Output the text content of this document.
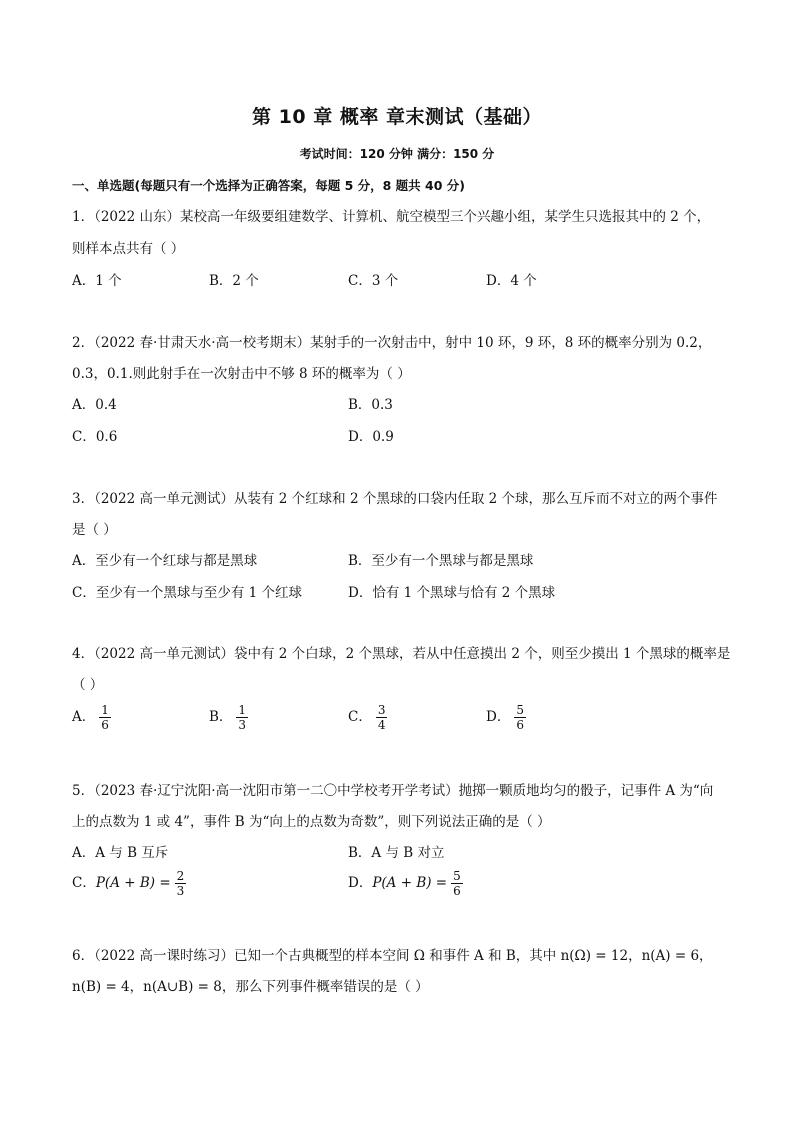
第 10 章 概率 章末测试（基础）
考试时间：120 分钟 满分：150 分
一、单选题(每题只有一个选择为正确答案，每题 5 分，8 题共 40 分)
1．（2022 山东）某校高一年级要组建数学、计算机、航空模型三个兴趣小组，某学生只选报其中的 2 个，
则样本点共有（ ）
A．1 个	B．2 个	C．3 个	D．4 个
2．（2022 春·甘肃天水·高一校考期末）某射手的一次射击中，射中 10 环，9 环，8 环的概率分别为 0.2，
0.3，0.1.则此射手在一次射击中不够 8 环的概率为（ ）
A．0.4	B．0.3
C．0.6	D．0.9
3．（2022 高一单元测试）从装有 2 个红球和 2 个黑球的口袋内任取 2 个球，那么互斥而不对立的两个事件
是（ ）
A．至少有一个红球与都是黑球	B．至少有一个黑球与都是黑球
C．至少有一个黑球与至少有 1 个红球	D．恰有 1 个黑球与恰有 2 个黑球
4．（2022 高一单元测试）袋中有 2 个白球，2 个黑球，若从中任意摸出 2 个，则至少摸出 1 个黑球的概率是
（ ）
A． $\frac{1}{6}$	B． $\frac{1}{3}$	C． $\frac{3}{4}$	D． $\frac{5}{6}$
5．（2023 春·辽宁沈阳·高一沈阳市第一二〇中学校考开学考试）抛掷一颗质地均匀的骰子，记事件 A 为“向
上的点数为 1 或 4”，事件 B 为“向上的点数为奇数”，则下列说法正确的是（ ）
A．A 与 B 互斥	B．A 与 B 对立
C．$P(A + B) = \frac{2}{3}$	D．$P(A + B) = \frac{5}{6}$
6．（2022 高一课时练习）已知一个古典概型的样本空间 Ω 和事件 A 和 B，其中 n(Ω) = 12，n(A) = 6，
n(B) = 4，n(A∪B) = 8，那么下列事件概率错误的是（ ）
